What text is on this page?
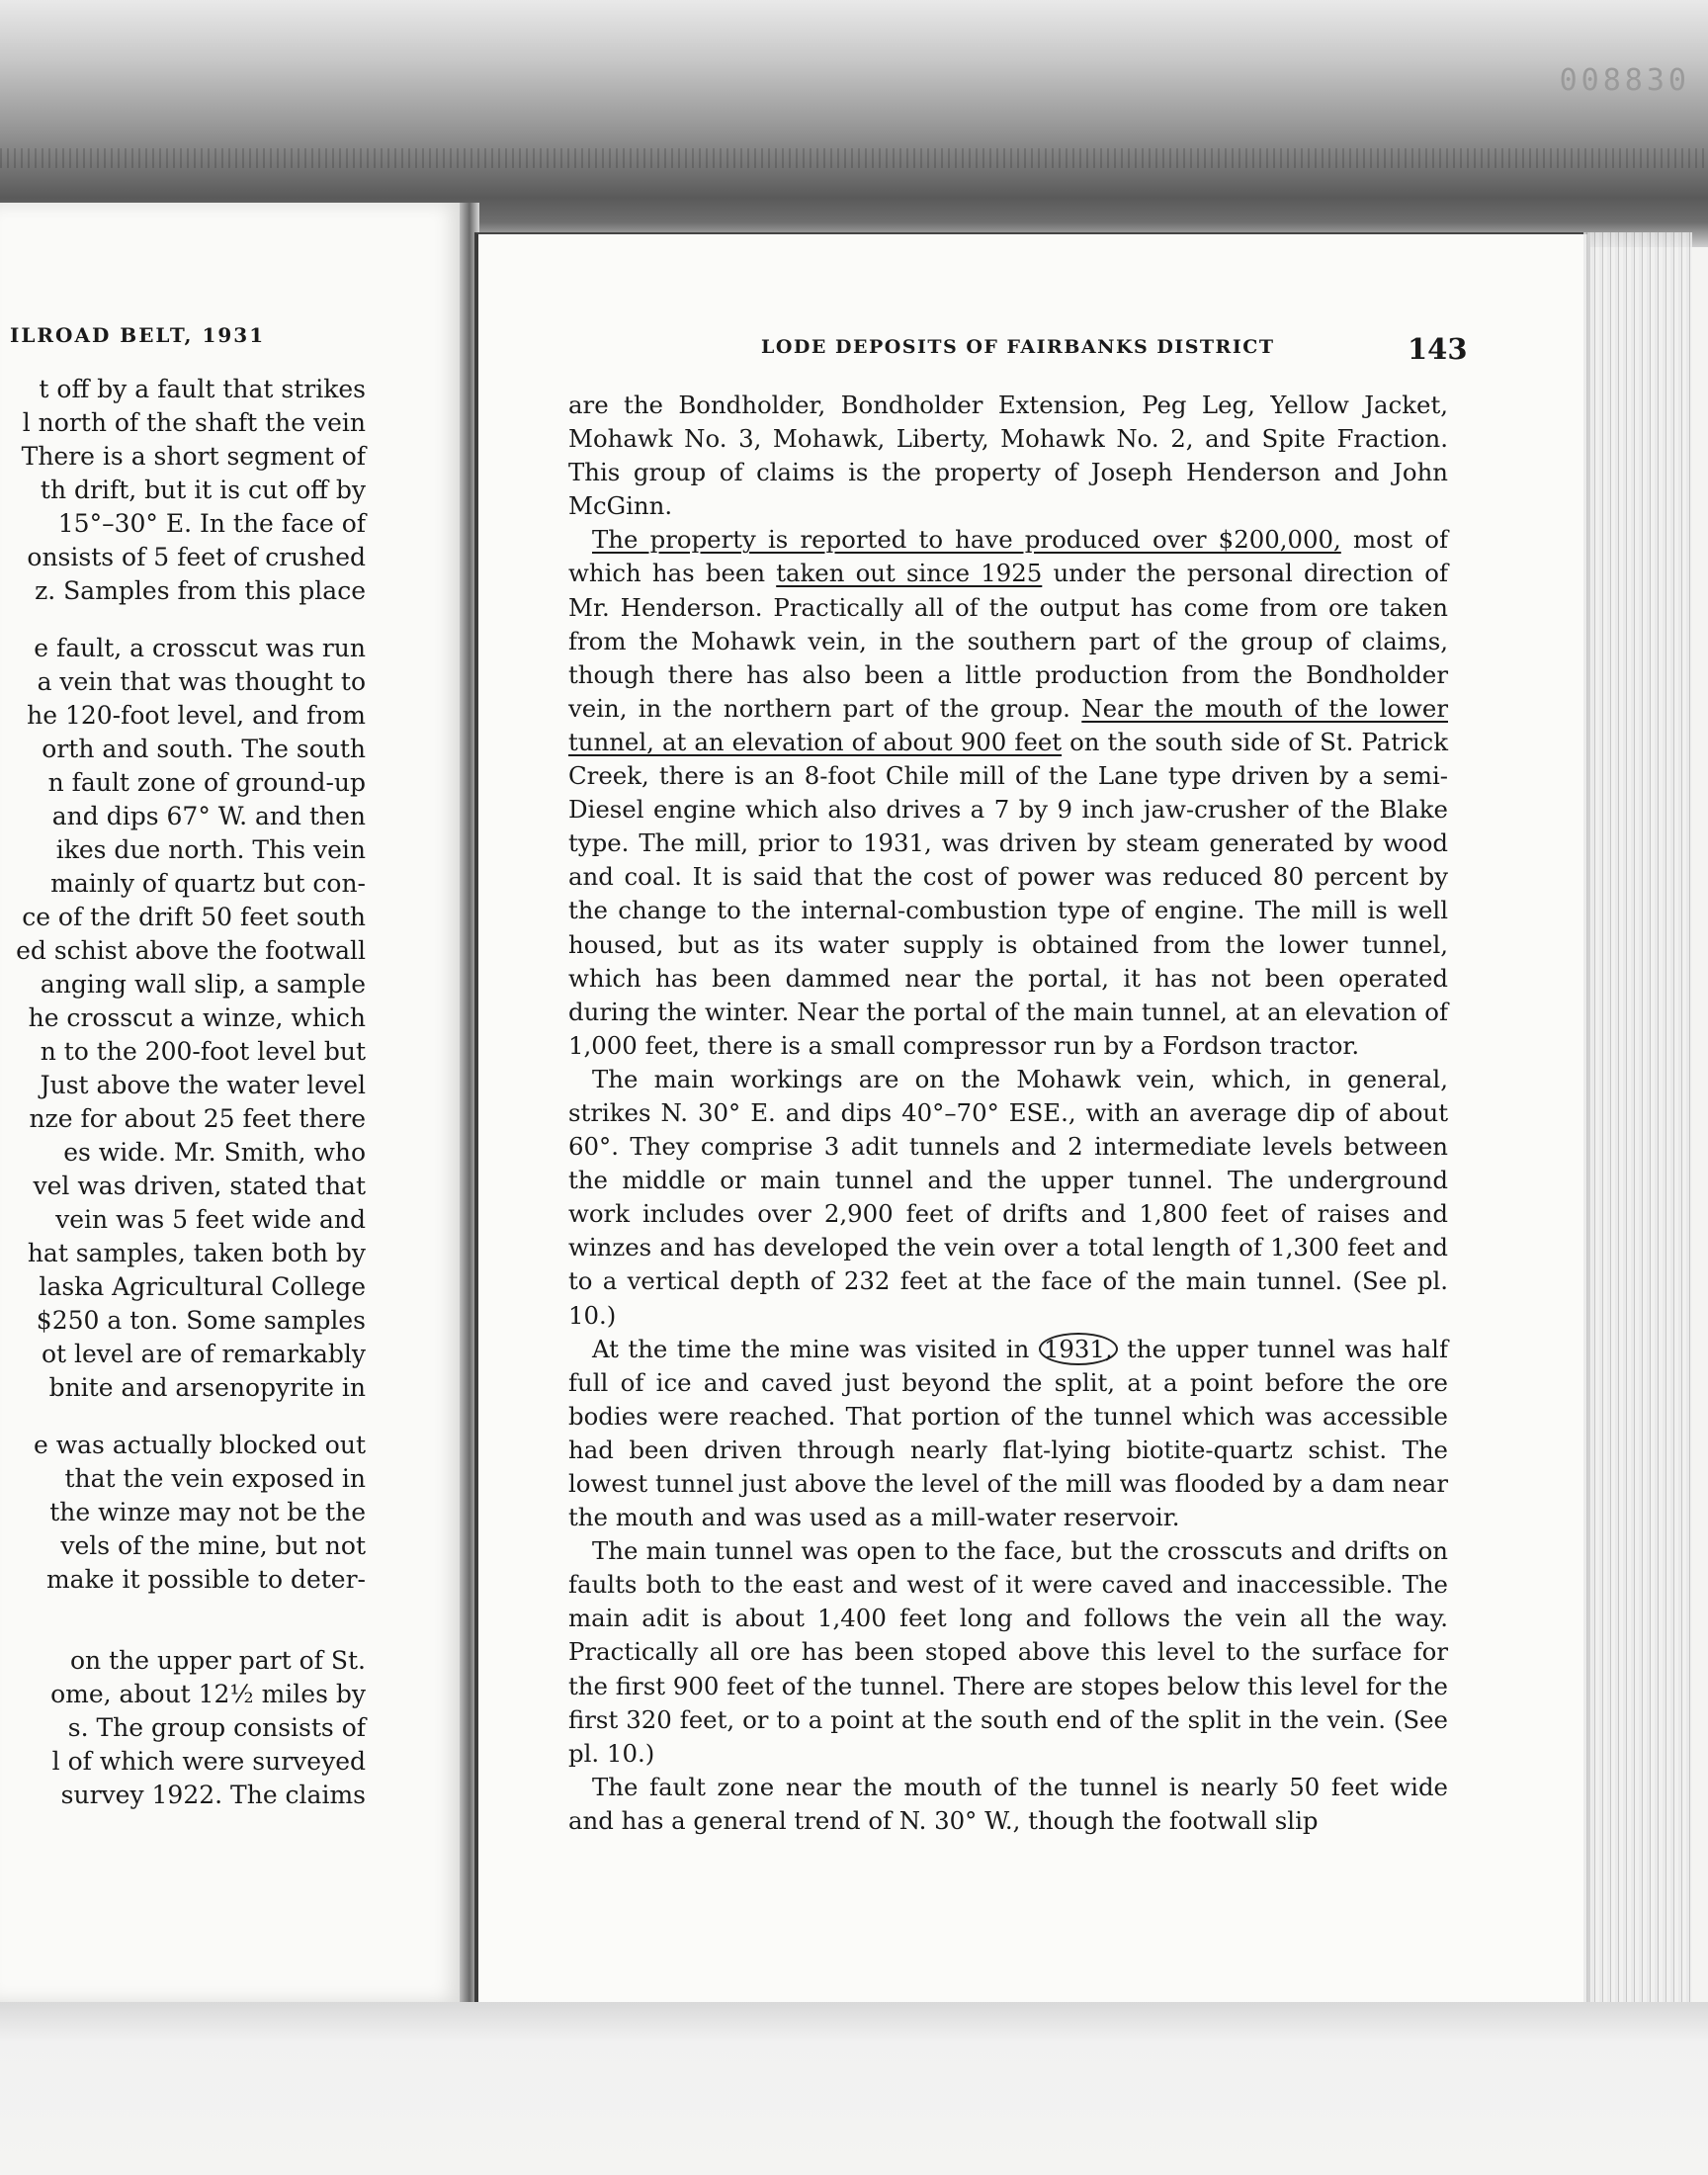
008830
ILROAD BELT, 1931
t off by a fault that strikes
l north of the shaft the vein
There is a short segment of
th drift, but it is cut off by
15°–30° E. In the face of
onsists of 5 feet of crushed
z. Samples from this place
e fault, a crosscut was run
a vein that was thought to
he 120-foot level, and from
orth and south. The south
n fault zone of ground-up
and dips 67° W. and then
ikes due north. This vein
mainly of quartz but con-
ce of the drift 50 feet south
ed schist above the footwall
anging wall slip, a sample
he crosscut a winze, which
n to the 200-foot level but
Just above the water level
nze for about 25 feet there
es wide. Mr. Smith, who
vel was driven, stated that
vein was 5 feet wide and
hat samples, taken both by
laska Agricultural College
$250 a ton. Some samples
ot level are of remarkably
bnite and arsenopyrite in
e was actually blocked out
that the vein exposed in
the winze may not be the
vels of the mine, but not
make it possible to deter-
on the upper part of St.
ome, about 12½ miles by
s. The group consists of
l of which were surveyed
survey 1922. The claims
LODE DEPOSITS OF FAIRBANKS DISTRICT	143

are the Bondholder, Bondholder Extension, Peg Leg, Yellow Jacket, Mohawk No. 3, Mohawk, Liberty, Mohawk No. 2, and Spite Fraction. This group of claims is the property of Joseph Henderson and John McGinn.

The property is reported to have produced over $200,000, most of which has been taken out since 1925 under the personal direction of Mr. Henderson. Practically all of the output has come from ore taken from the Mohawk vein, in the southern part of the group of claims, though there has also been a little production from the Bondholder vein, in the northern part of the group. Near the mouth of the lower tunnel, at an elevation of about 900 feet on the south side of St. Patrick Creek, there is an 8-foot Chile mill of the Lane type driven by a semi-Diesel engine which also drives a 7 by 9 inch jaw-crusher of the Blake type. The mill, prior to 1931, was driven by steam generated by wood and coal. It is said that the cost of power was reduced 80 percent by the change to the internal-combustion type of engine. The mill is well housed, but as its water supply is obtained from the lower tunnel, which has been dammed near the portal, it has not been operated during the winter. Near the portal of the main tunnel, at an elevation of 1,000 feet, there is a small compressor run by a Fordson tractor.

The main workings are on the Mohawk vein, which, in general, strikes N. 30° E. and dips 40°–70° ESE., with an average dip of about 60°. They comprise 3 adit tunnels and 2 intermediate levels between the middle or main tunnel and the upper tunnel. The underground work includes over 2,900 feet of drifts and 1,800 feet of raises and winzes and has developed the vein over a total length of 1,300 feet and to a vertical depth of 232 feet at the face of the main tunnel. (See pl. 10.)

At the time the mine was visited in 1931, the upper tunnel was half full of ice and caved just beyond the split, at a point before the ore bodies were reached. That portion of the tunnel which was accessible had been driven through nearly flat-lying biotite-quartz schist. The lowest tunnel just above the level of the mill was flooded by a dam near the mouth and was used as a mill-water reservoir.

The main tunnel was open to the face, but the crosscuts and drifts on faults both to the east and west of it were caved and inaccessible. The main adit is about 1,400 feet long and follows the vein all the way. Practically all ore has been stoped above this level to the surface for the first 900 feet of the tunnel. There are stopes below this level for the first 320 feet, or to a point at the south end of the split in the vein. (See pl. 10.)

The fault zone near the mouth of the tunnel is nearly 50 feet wide and has a general trend of N. 30° W., though the footwall slip
